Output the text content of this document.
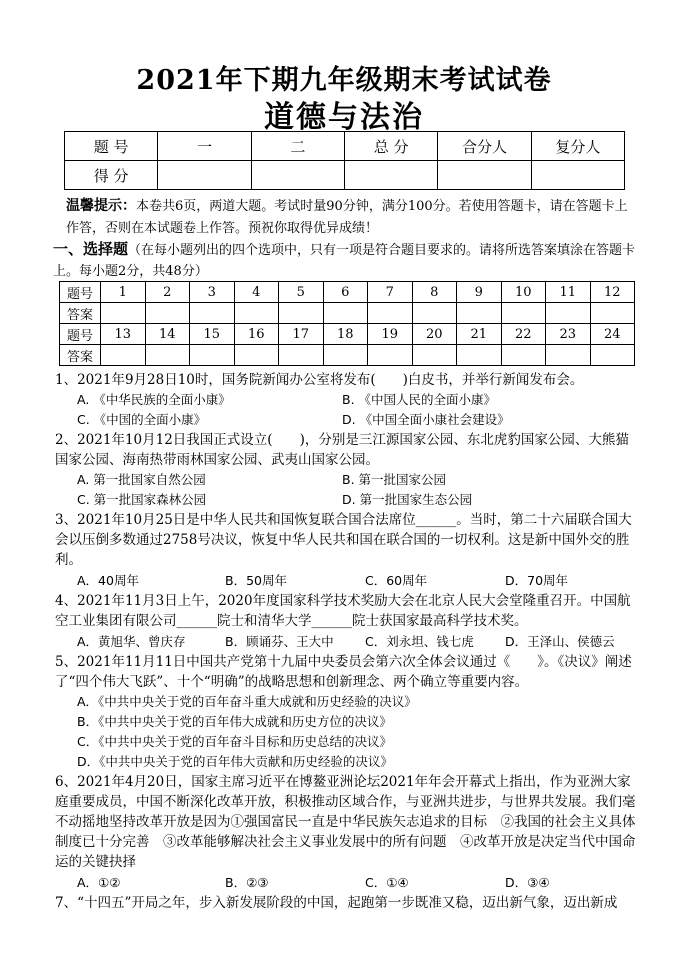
2021年下期九年级期末考试试卷
道德与法治
题 号	一	二	总 分	合分人	复分人
得 分					
温馨提示：本卷共6页，两道大题。考试时量90分钟，满分100分。若使用答题卡，请在答题卡上作答，否则在本试题卷上作答。预祝你取得优异成绩！
一、选择题（在每小题列出的四个选项中，只有一项是符合题目要求的。请将所选答案填涂在答题卡上。每小题2分，共48分）
题号	1	2	3	4	5	6	7	8	9	10	11	12
答案												
题号	13	14	15	16	17	18	19	20	21	22	23	24
答案												
1、2021年9月28日10时，国务院新闻办公室将发布(　　)白皮书，并举行新闻发布会。
A. 《中华民族的全面小康》	B. 《中国人民的全面小康》
C. 《中国的全面小康》	D. 《中国全面小康社会建设》
2、2021年10月12日我国正式设立(　　)，分别是三江源国家公园、东北虎豹国家公园、大熊猫国家公园、海南热带雨林国家公园、武夷山国家公园。
A. 第一批国家自然公园	B. 第一批国家公园
C. 第一批国家森林公园	D. 第一批国家生态公园
3、2021年10月25日是中华人民共和国恢复联合国合法席位______。当时，第二十六届联合国大会以压倒多数通过2758号决议，恢复中华人民共和国在联合国的一切权利。这是新中国外交的胜利。
A．40周年	B．50周年	C．60周年	D．70周年
4、2021年11月3日上午，2020年度国家科学技术奖励大会在北京人民大会堂隆重召开。中国航空工业集团有限公司______院士和清华大学______院士获国家最高科学技术奖。
A．黄旭华、曾庆存	B．顾诵芬、王大中	C．刘永坦、钱七虎	D．王泽山、侯德云
5、2021年11月11日中国共产党第十九届中央委员会第六次全体会议通过《　　》。《决议》阐述了“四个伟大飞跃”、十个“明确”的战略思想和创新理念、两个确立等重要内容。
A．《中共中央关于党的百年奋斗重大成就和历史经验的决议》
B．《中共中央关于党的百年伟大成就和历史方位的决议》
C．《中共中央关于党的百年奋斗目标和历史总结的决议》
D．《中共中央关于党的百年伟大贡献和历史经验的决议》
6、2021年4月20日，国家主席习近平在博鳌亚洲论坛2021年年会开幕式上指出，作为亚洲大家庭重要成员，中国不断深化改革开放，积极推动区域合作，与亚洲共进步，与世界共发展。我们毫不动摇地坚持改革开放是因为①强国富民一直是中华民族矢志追求的目标　②我国的社会主义具体制度已十分完善　③改革能够解决社会主义事业发展中的所有问题　④改革开放是决定当代中国命运的关键抉择
A．①②	B．②③	C．①④	D．③④
7、“十四五”开局之年，步入新发展阶段的中国，起跑第一步既准又稳，迈出新气象，迈出新成
